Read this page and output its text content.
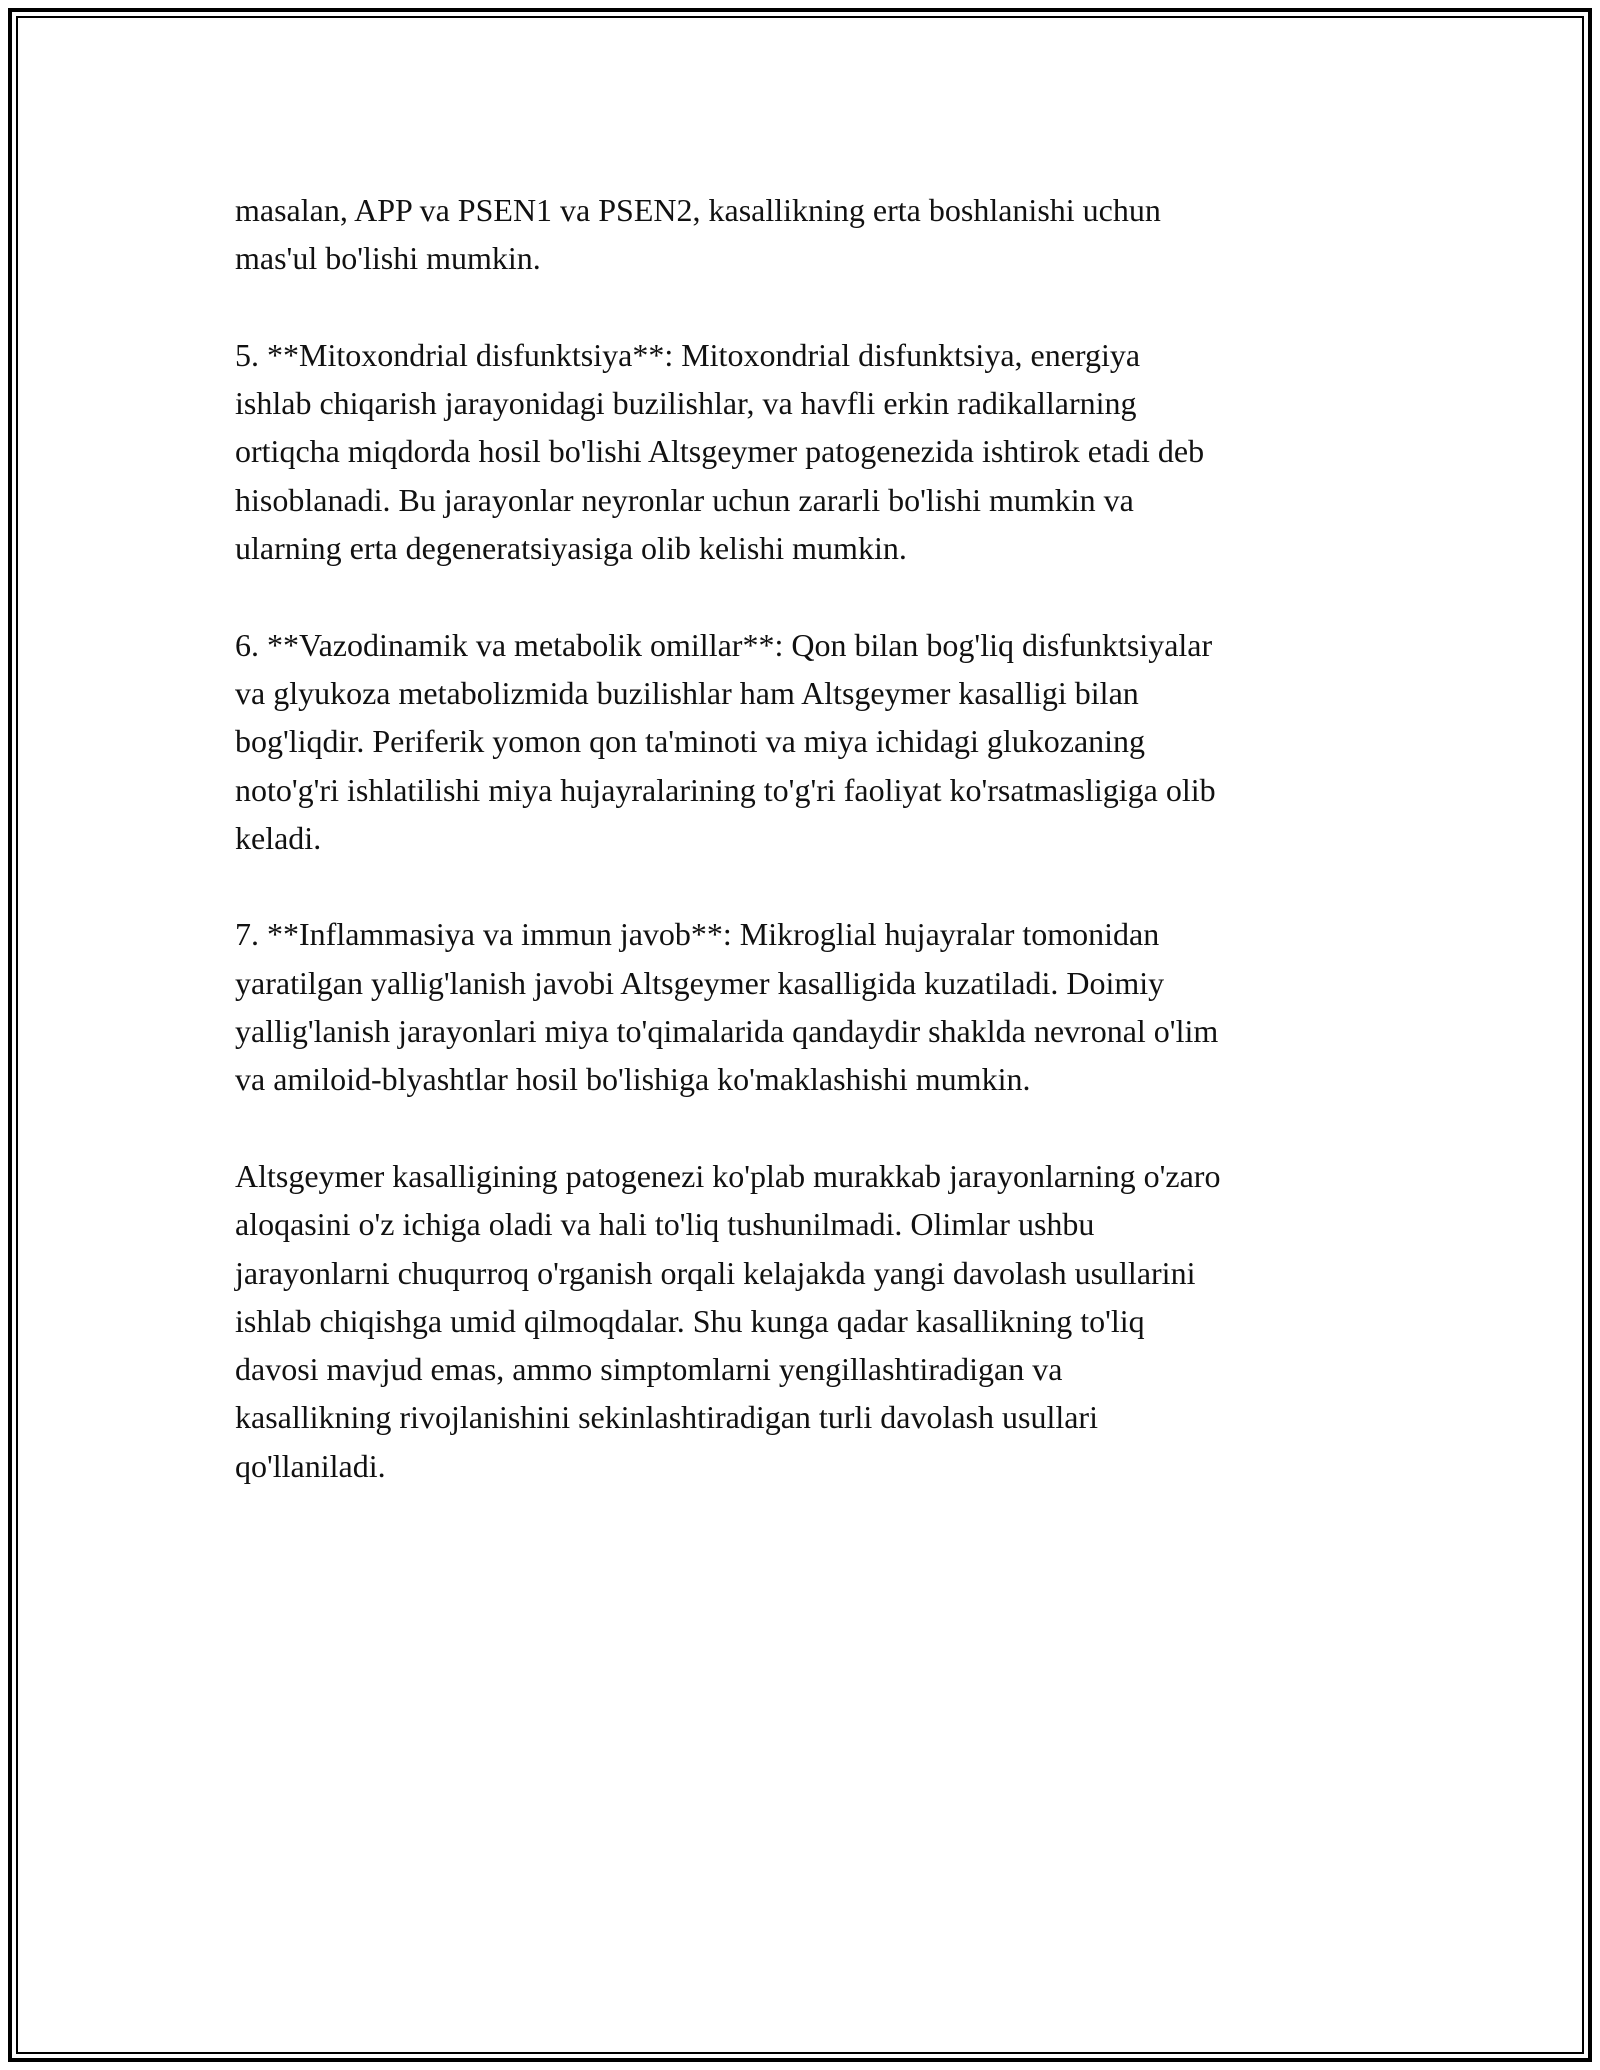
masalan, APP va PSEN1 va PSEN2, kasallikning erta boshlanishi uchun
mas'ul bo'lishi mumkin.
5. **Mitoxondrial disfunktsiya**: Mitoxondrial disfunktsiya, energiya
ishlab chiqarish jarayonidagi buzilishlar, va havfli erkin radikallarning
ortiqcha miqdorda hosil bo'lishi Altsgeymer patogenezida ishtirok etadi deb
hisoblanadi. Bu jarayonlar neyronlar uchun zararli bo'lishi mumkin va
ularning erta degeneratsiyasiga olib kelishi mumkin.
6. **Vazodinamik va metabolik omillar**: Qon bilan bog'liq disfunktsiyalar
va glyukoza metabolizmida buzilishlar ham Altsgeymer kasalligi bilan
bog'liqdir. Periferik yomon qon ta'minoti va miya ichidagi glukozaning
noto'g'ri ishlatilishi miya hujayralarining to'g'ri faoliyat ko'rsatmasligiga olib
keladi.
7. **Inflammasiya va immun javob**: Mikroglial hujayralar tomonidan
yaratilgan yallig'lanish javobi Altsgeymer kasalligida kuzatiladi. Doimiy
yallig'lanish jarayonlari miya to'qimalarida qandaydir shaklda nevronal o'lim
va amiloid-blyashtlar hosil bo'lishiga ko'maklashishi mumkin.
Altsgeymer kasalligining patogenezi ko'plab murakkab jarayonlarning o'zaro
aloqasini o'z ichiga oladi va hali to'liq tushunilmadi. Olimlar ushbu
jarayonlarni chuqurroq o'rganish orqali kelajakda yangi davolash usullarini
ishlab chiqishga umid qilmoqdalar. Shu kunga qadar kasallikning to'liq
davosi mavjud emas, ammo simptomlarni yengillashtiradigan va
kasallikning rivojlanishini sekinlashtiradigan turli davolash usullari
qo'llaniladi.
